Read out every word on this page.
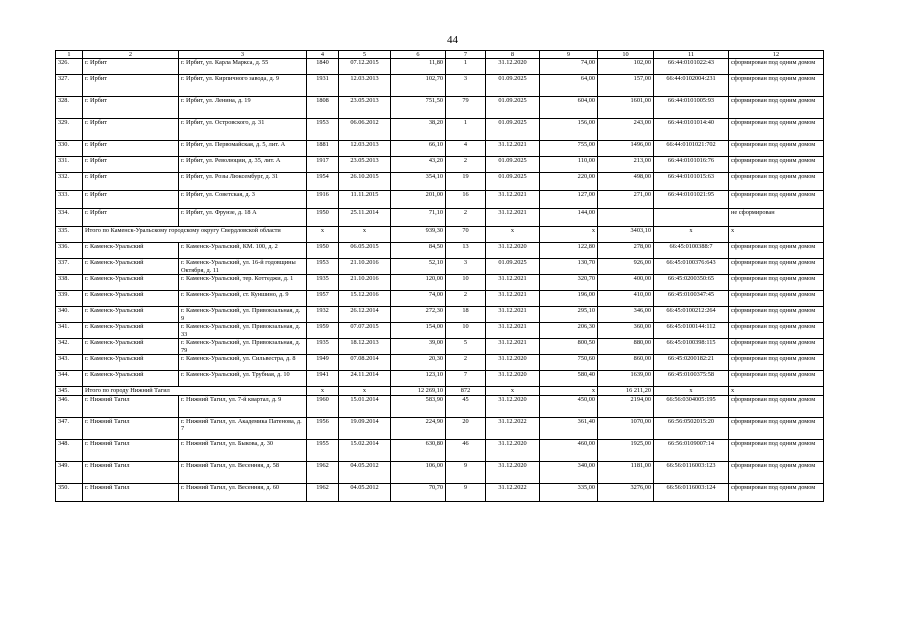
44
1	2	3	4	5	6	7	8	9	10	11	12
326.	г. Ирбит	г. Ирбит, ул. Карла Маркса, д. 55	1840	07.12.2015	11,80	1	31.12.2020	74,00	102,00	66:44:0101022:43	сформирован под одним домом
327.	г. Ирбит	г. Ирбит, ул. Кирпичного завода, д. 9	1931	12.03.2013	102,70	3	01.09.2025	64,00	157,00	66:44:0102004:231	сформирован под одним домом
328.	г. Ирбит	г. Ирбит, ул. Ленина, д. 19	1808	23.05.2013	751,50	79	01.09.2025	604,00	1601,00	66:44:0101005:93	сформирован под одним домом
329.	г. Ирбит	г. Ирбит, ул. Островского, д. 31	1953	06.06.2012	38,20	1	01.09.2025	156,00	243,00	66:44:0101014:40	сформирован под одним домом
330.	г. Ирбит	г. Ирбит, ул. Первомайская, д. 5, лит. А	1881	12.03.2013	66,10	4	31.12.2021	755,00	1496,00	66:44:0101021:702	сформирован под одним домом
331.	г. Ирбит	г. Ирбит, ул. Революции, д. 35, лит. А	1917	23.05.2013	43,20	2	01.09.2025	110,00	213,00	66:44:0101016:76	сформирован под одним домом
332.	г. Ирбит	г. Ирбит, ул. Розы Люксембург, д. 31	1954	26.10.2015	354,10	19	01.09.2025	220,00	498,00	66:44:0101015:63	сформирован под одним домом
333.	г. Ирбит	г. Ирбит, ул. Советская, д. 3	1916	11.11.2015	201,00	16	31.12.2021	127,00	271,00	66:44:0101021:95	сформирован под одним домом
334.	г. Ирбит	г. Ирбит, ул. Фрунзе, д. 18 А	1950	25.11.2014	71,10	2	31.12.2021	144,00			не сформирован
335.	Итого по Каменск-Уральскому городскому округу Свердловской области		x	x	939,30	70	x	x	3403,10	x	x
336.	г. Каменск-Уральский	г. Каменск-Уральский, КМ. 100, д. 2	1950	06.05.2015	84,50	13	31.12.2020	122,80	278,00	66:45:0100388:7	сформирован под одним домом
337.	г. Каменск-Уральский	г. Каменск-Уральский, ул. 16-й годовщины Октября, д. 11	1953	21.10.2016	52,10	3	01.09.2025	130,70	926,00	66:45:0100376:643	сформирован под одним домом
338.	г. Каменск-Уральский	г. Каменск-Уральский, тер. Коттеджи, д. 1	1935	21.10.2016	120,00	10	31.12.2021	320,70	400,00	66:45:0200350:65	сформирован под одним домом
339.	г. Каменск-Уральский	г. Каменск-Уральский, ст. Куншино, д. 9	1957	15.12.2016	74,00	2	31.12.2021	196,00	410,00	66:45:0100347:45	сформирован под одним домом
340.	г. Каменск-Уральский	г. Каменск-Уральский, ул. Привокзальная, д. 9	1932	26.12.2014	272,30	18	31.12.2021	295,10	346,00	66:45:0100212:264	сформирован под одним домом
341.	г. Каменск-Уральский	г. Каменск-Уральский, ул. Привокзальная, д. 33	1959	07.07.2015	154,00	10	31.12.2021	206,30	360,00	66:45:0100144:112	сформирован под одним домом
342.	г. Каменск-Уральский	г. Каменск-Уральский, ул. Привокзальная, д. 79	1935	18.12.2013	39,00	5	31.12.2021	800,50	880,00	66:45:0100398:115	сформирован под одним домом
343.	г. Каменск-Уральский	г. Каменск-Уральский, ул. Сильвестра, д. 8	1949	07.08.2014	20,30	2	31.12.2020	750,60	860,00	66:45:0200182:21	сформирован под одним домом
344.	г. Каменск-Уральский	г. Каменск-Уральский, ул. Трубная, д. 10	1941	24.11.2014	123,10	7	31.12.2020	580,40	1639,00	66:45:0100375:58	сформирован под одним домом
345.	Итого по городу Нижний Тагил		x	x	12 269,10	872	x	x	16 211,20	x	x
346.	г. Нижний Тагил	г. Нижний Тагил, ул. 7-й квартал, д. 9	1960	15.01.2014	583,90	45	31.12.2020	450,00	2194,00	66:56:0304005:195	сформирован под одним домом
347.	г. Нижний Тагил	г. Нижний Тагил, ул. Академика Патенова, д. 7	1956	19.09.2014	224,90	20	31.12.2022	361,40	1070,00	66:56:0502015:20	сформирован под одним домом
348.	г. Нижний Тагил	г. Нижний Тагил, ул. Быкова, д. 30	1955	15.02.2014	630,80	46	31.12.2020	460,00	1925,00	66:56:0109007:14	сформирован под одним домом
349.	г. Нижний Тагил	г. Нижний Тагил, ул. Весенняя, д. 58	1962	04.05.2012	106,00	9	31.12.2020	340,00	1181,00	66:56:0116003:123	сформирован под одним домом
350.	г. Нижний Тагил	г. Нижний Тагил, ул. Весенняя, д. 60	1962	04.05.2012	70,70	9	31.12.2022	335,00	3276,00	66:56:0116003:124	сформирован под одним домом
